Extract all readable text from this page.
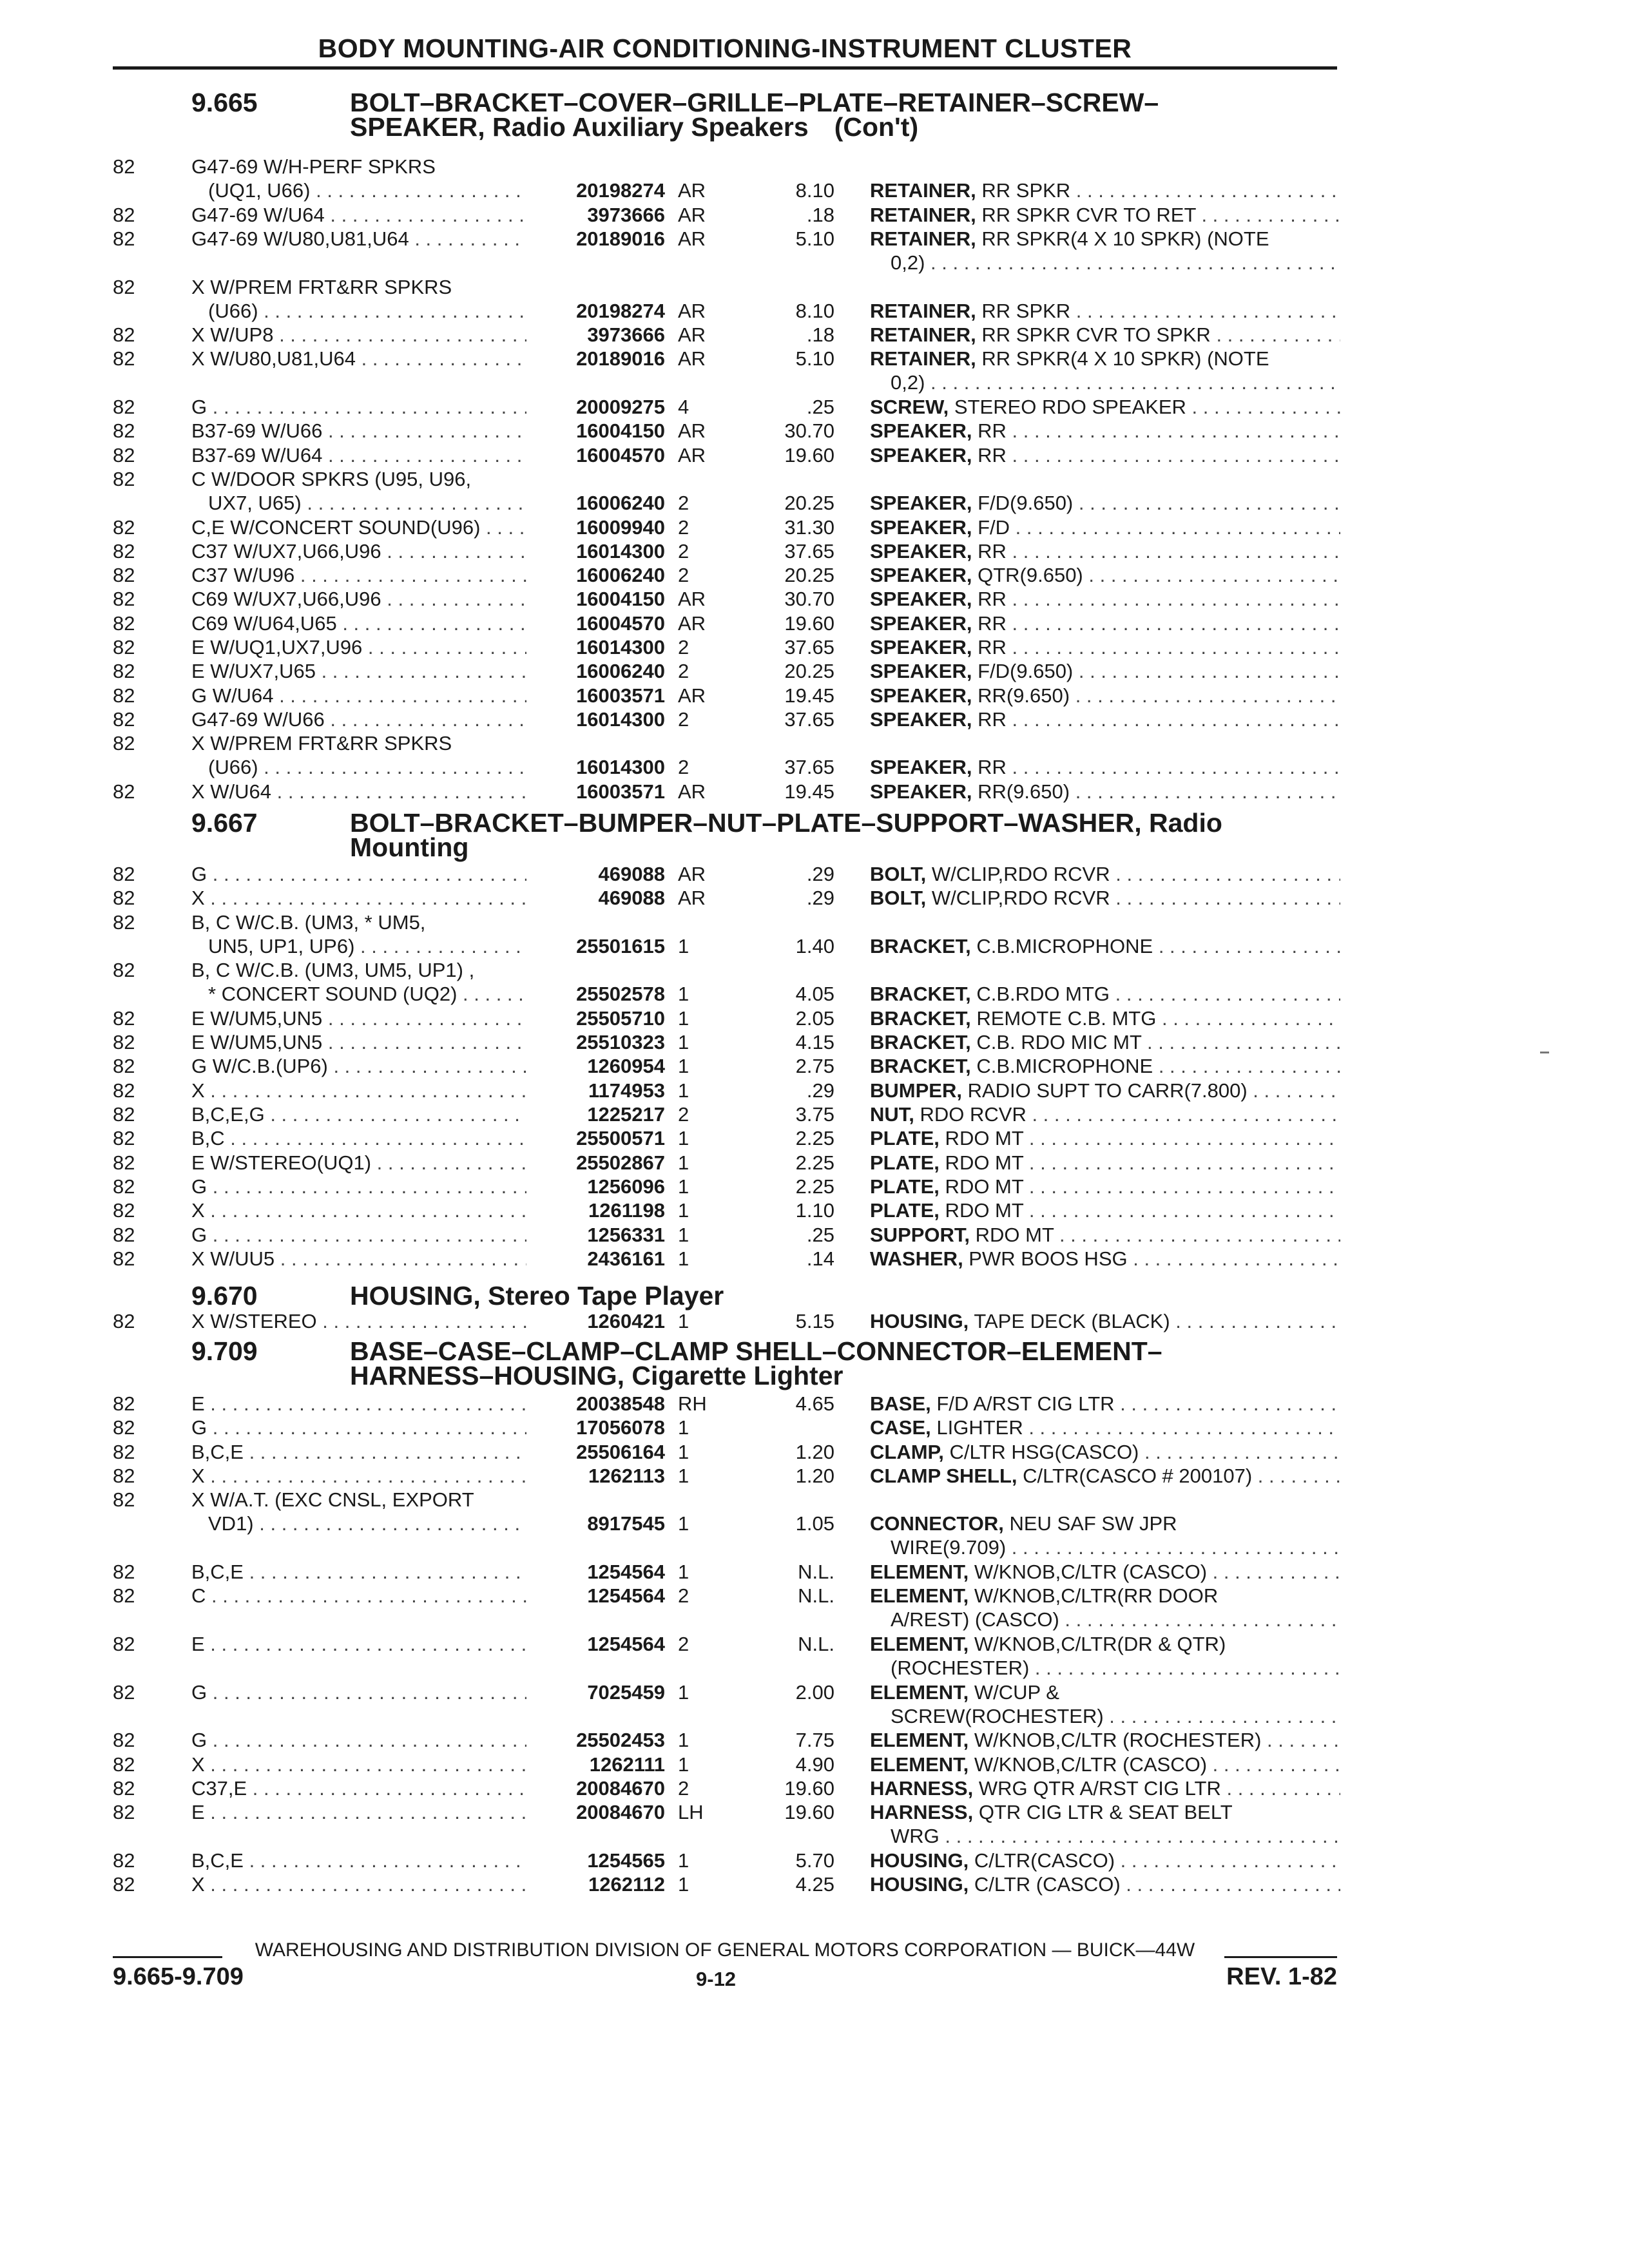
BODY MOUNTING-AIR CONDITIONING-INSTRUMENT CLUSTER
9.665	BOLT–BRACKET–COVER–GRILLE–PLATE–RETAINER–SCREW–
SPEAKER, Radio Auxiliary Speakers (Con't)
82	G47-69 W/H-PERF SPKRS
(UQ1, U66) . . .	20198274 AR	8.10 RETAINER, RR SPKR . . .
82	G47-69 W/U64 . . .	3973666 AR	.18 RETAINER, RR SPKR CVR TO RET . . .
82	G47-69 W/U80,U81,U64 . . .	20189016 AR	5.10 RETAINER, RR SPKR(4 X 10 SPKR) (NOTE
0,2) . . .
82	X W/PREM FRT&RR SPKRS
(U66) . . .	20198274 AR	8.10 RETAINER, RR SPKR . . .
82	X W/UP8 . . .	3973666 AR	.18 RETAINER, RR SPKR CVR TO SPKR . . .
82	X W/U80,U81,U64 . . .	20189016 AR	5.10 RETAINER, RR SPKR(4 X 10 SPKR) (NOTE
0,2) . . .
82	G . . .	20009275 4	.25 SCREW, STEREO RDO SPEAKER . . .
82	B37-69 W/U66 . . .	16004150 AR	30.70 SPEAKER, RR . . .
82	B37-69 W/U64 . . .	16004570 AR	19.60 SPEAKER, RR . . .
82	C W/DOOR SPKRS (U95, U96,
UX7, U65) . . .	16006240 2	20.25 SPEAKER, F/D(9.650) . . .
82	C,E W/CONCERT SOUND(U96) . . .	16009940 2	31.30 SPEAKER, F/D . . .
82	C37 W/UX7,U66,U96 . . .	16014300 2	37.65 SPEAKER, RR . . .
82	C37 W/U96 . . .	16006240 2	20.25 SPEAKER, QTR(9.650) . . .
82	C69 W/UX7,U66,U96 . . .	16004150 AR	30.70 SPEAKER, RR . . .
82	C69 W/U64,U65 . . .	16004570 AR	19.60 SPEAKER, RR . . .
82	E W/UQ1,UX7,U96 . . .	16014300 2	37.65 SPEAKER, RR . . .
82	E W/UX7,U65 . . .	16006240 2	20.25 SPEAKER, F/D(9.650) . . .
82	G W/U64 . . .	16003571 AR	19.45 SPEAKER, RR(9.650) . . .
82	G47-69 W/U66 . . .	16014300 2	37.65 SPEAKER, RR . . .
82	X W/PREM FRT&RR SPKRS
(U66) . . .	16014300 2	37.65 SPEAKER, RR . . .
82	X W/U64 . . .	16003571 AR	19.45 SPEAKER, RR(9.650) . . .
9.667	BOLT–BRACKET–BUMPER–NUT–PLATE–SUPPORT–WASHER, Radio
Mounting
82	G . . .	469088 AR	.29 BOLT, W/CLIP,RDO RCVR . . .
82	X . . .	469088 AR	.29 BOLT, W/CLIP,RDO RCVR . . .
82	B, C W/C.B. (UM3, * UM5,
UN5, UP1, UP6) . . .	25501615 1	1.40 BRACKET, C.B.MICROPHONE . . .
82	B, C W/C.B. (UM3, UM5, UP1) ,
* CONCERT SOUND (UQ2) . . .	25502578 1	4.05 BRACKET, C.B.RDO MTG . . .
82	E W/UM5,UN5 . . .	25505710 1	2.05 BRACKET, REMOTE C.B. MTG . . .
82	E W/UM5,UN5 . . .	25510323 1	4.15 BRACKET, C.B. RDO MIC MT . . .
82	G W/C.B.(UP6) . . .	1260954 1	2.75 BRACKET, C.B.MICROPHONE . . .
82	X . . .	1174953 1	.29 BUMPER, RADIO SUPT TO CARR(7.800) . . .
82	B,C,E,G . . .	1225217 2	3.75 NUT, RDO RCVR . . .
82	B,C . . .	25500571 1	2.25 PLATE, RDO MT . . .
82	E W/STEREO(UQ1) . . .	25502867 1	2.25 PLATE, RDO MT . . .
82	G . . .	1256096 1	2.25 PLATE, RDO MT . . .
82	X . . .	1261198 1	1.10 PLATE, RDO MT . . .
82	G . . .	1256331 1	.25 SUPPORT, RDO MT . . .
82	X W/UU5 . . .	2436161 1	.14 WASHER, PWR BOOS HSG . . .
9.670	HOUSING, Stereo Tape Player
82	X W/STEREO . . .	1260421 1	5.15 HOUSING, TAPE DECK (BLACK) . . .
9.709	BASE–CASE–CLAMP–CLAMP SHELL–CONNECTOR–ELEMENT–
HARNESS–HOUSING, Cigarette Lighter
82	E . . .	20038548 RH	4.65 BASE, F/D A/RST CIG LTR . . .
82	G . . .	17056078 1	CASE, LIGHTER . . .
82	B,C,E . . .	25506164 1	1.20 CLAMP, C/LTR HSG(CASCO) . . .
82	X . . .	1262113 1	1.20 CLAMP SHELL, C/LTR(CASCO # 200107) . . .
82	X W/A.T. (EXC CNSL, EXPORT
VD1) . . .	8917545 1	1.05 CONNECTOR, NEU SAF SW JPR
WIRE(9.709) . . .
82	B,C,E . . .	1254564 1	N.L. ELEMENT, W/KNOB,C/LTR (CASCO) . . .
82	C . . .	1254564 2	N.L. ELEMENT, W/KNOB,C/LTR(RR DOOR
A/REST) (CASCO) . . .
82	E . . .	1254564 2	N.L. ELEMENT, W/KNOB,C/LTR(DR & QTR)
(ROCHESTER) . . .
82	G . . .	7025459 1	2.00 ELEMENT, W/CUP &
SCREW(ROCHESTER) . . .
82	G . . .	25502453 1	7.75 ELEMENT, W/KNOB,C/LTR (ROCHESTER) . . .
82	X . . .	1262111 1	4.90 ELEMENT, W/KNOB,C/LTR (CASCO) . . .
82	C37,E . . .	20084670 2	19.60 HARNESS, WRG QTR A/RST CIG LTR . . .
82	E . . .	20084670 LH	19.60 HARNESS, QTR CIG LTR & SEAT BELT
WRG . . .
82	B,C,E . . .	1254565 1	5.70 HOUSING, C/LTR(CASCO) . . .
82	X . . .	1262112 1	4.25 HOUSING, C/LTR (CASCO) . . .
WAREHOUSING AND DISTRIBUTION DIVISION OF GENERAL MOTORS CORPORATION — BUICK—44W
9.665-9.709	9-12	REV. 1-82
